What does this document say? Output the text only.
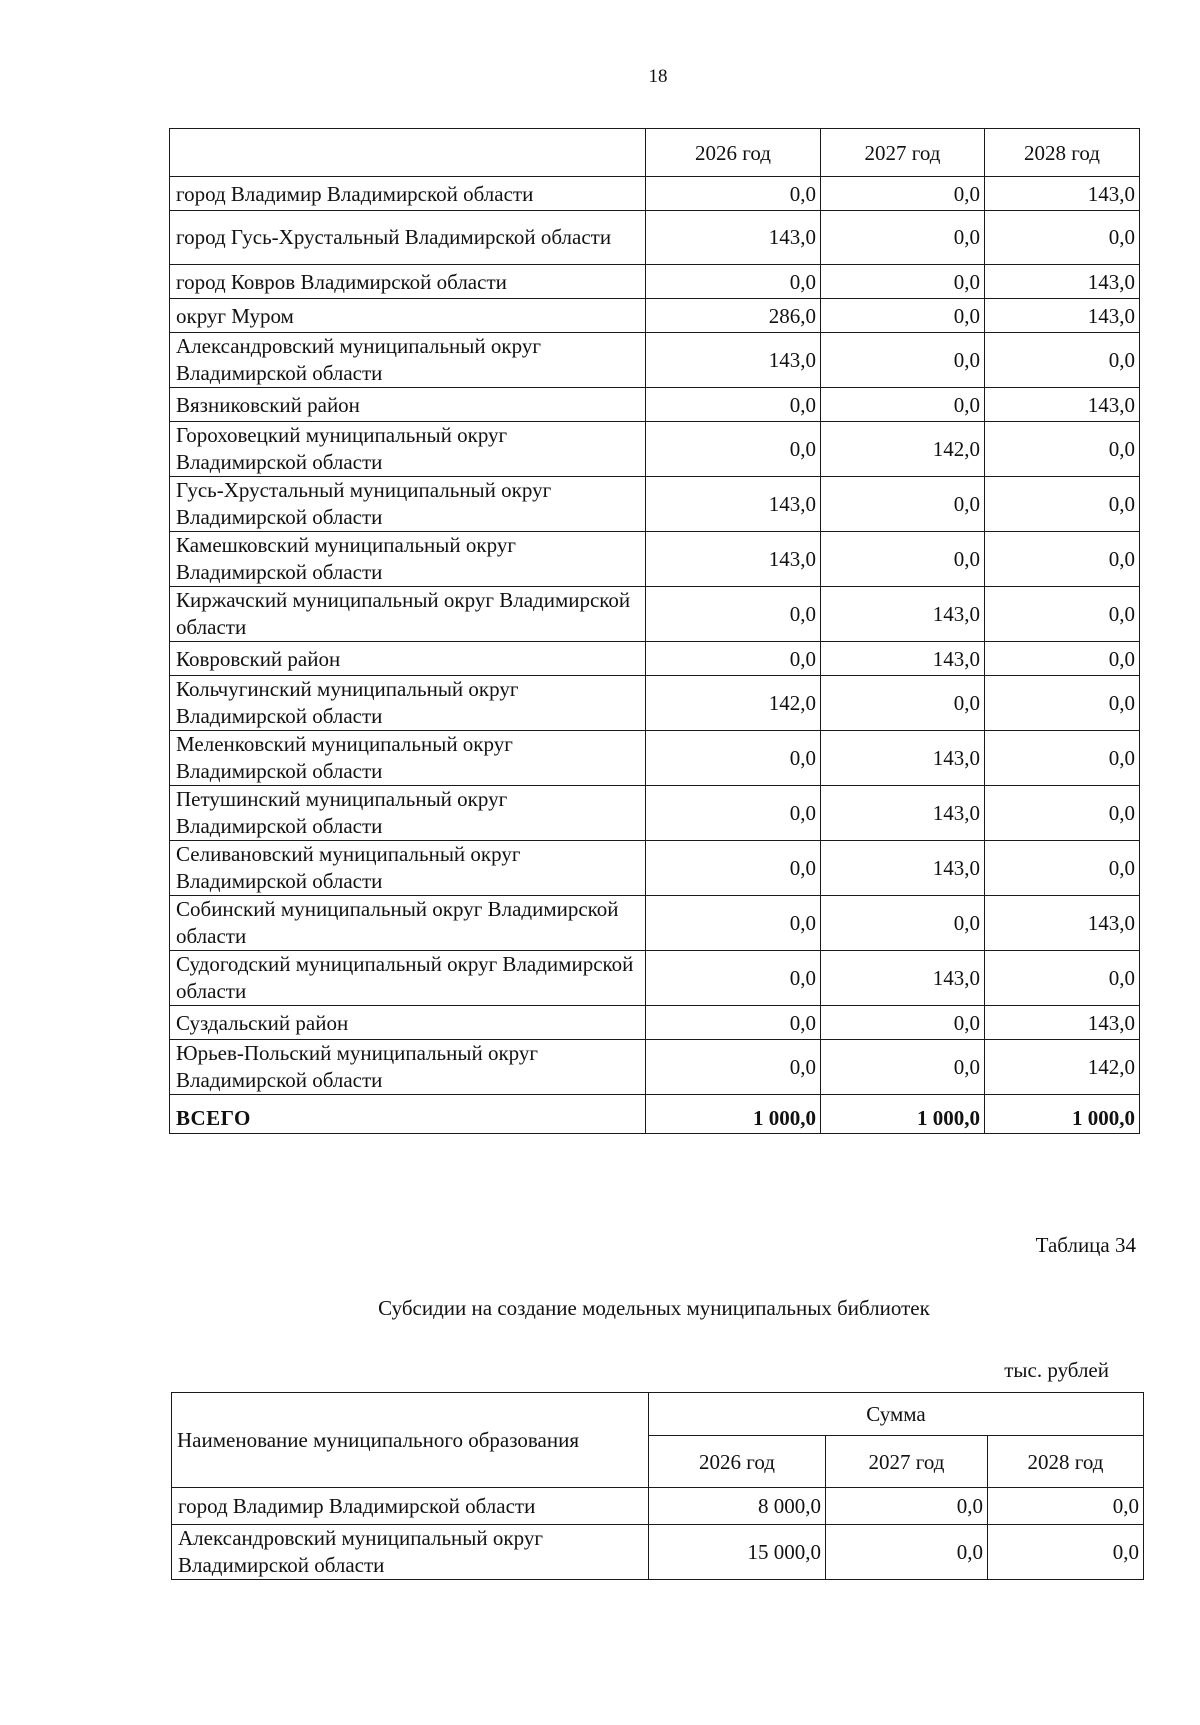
18
	2026 год	2027 год	2028 год
город Владимир Владимирской области	0,0	0,0	143,0
город Гусь-Хрустальный Владимирской области	143,0	0,0	0,0
город Ковров Владимирской области	0,0	0,0	143,0
округ Муром	286,0	0,0	143,0
Александровский муниципальный округ Владимирской области	143,0	0,0	0,0
Вязниковский район	0,0	0,0	143,0
Гороховецкий муниципальный округ Владимирской области	0,0	142,0	0,0
Гусь-Хрустальный муниципальный округ Владимирской области	143,0	0,0	0,0
Камешковский муниципальный округ Владимирской области	143,0	0,0	0,0
Киржачский муниципальный округ Владимирской области	0,0	143,0	0,0
Ковровский район	0,0	143,0	0,0
Кольчугинский муниципальный округ Владимирской области	142,0	0,0	0,0
Меленковский муниципальный округ Владимирской области	0,0	143,0	0,0
Петушинский муниципальный округ Владимирской области	0,0	143,0	0,0
Селивановский муниципальный округ Владимирской области	0,0	143,0	0,0
Собинский муниципальный округ Владимирской области	0,0	0,0	143,0
Судогодский муниципальный округ Владимирской области	0,0	143,0	0,0
Суздальский район	0,0	0,0	143,0
Юрьев-Польский муниципальный округ Владимирской области	0,0	0,0	142,0
ВСЕГО	1 000,0	1 000,0	1 000,0
Таблица 34
Субсидии на создание модельных муниципальных библиотек
тыс. рублей
Наименование муниципального образования	Сумма		
	2026 год	2027 год	2028 год
город Владимир Владимирской области	8 000,0	0,0	0,0
Александровский муниципальный округ Владимирской области	15 000,0	0,0	0,0
